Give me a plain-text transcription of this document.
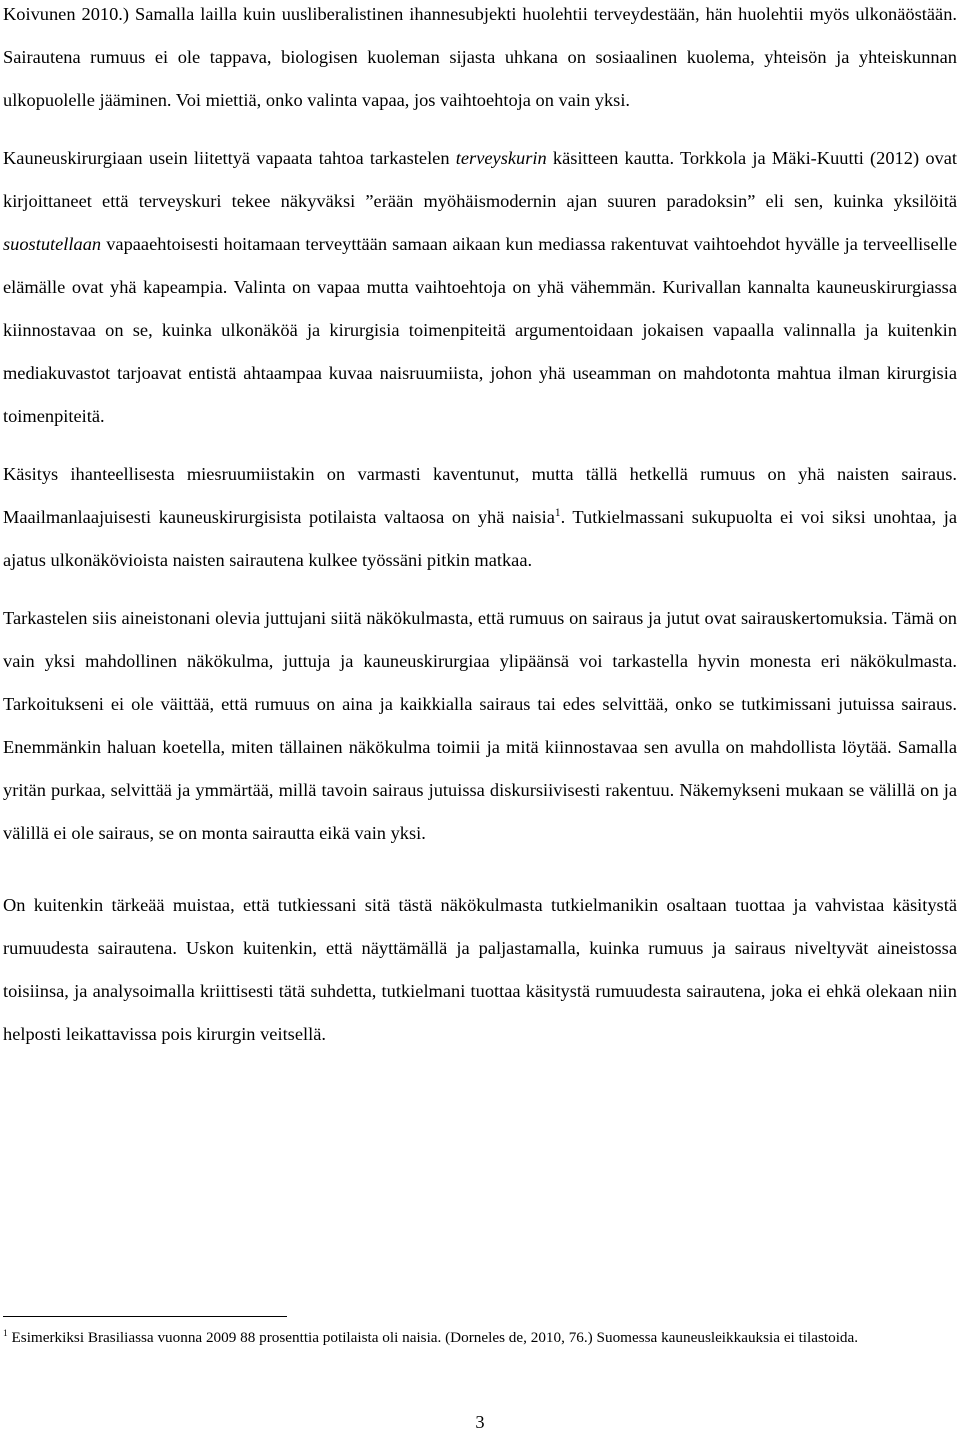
Koivunen 2010.) Samalla lailla kuin uusliberalistinen ihannesubjekti huolehtii terveydestään, hän huolehtii myös ulkonäöstään. Sairautena rumuus ei ole tappava, biologisen kuoleman sijasta uhkana on sosiaalinen kuolema, yhteisön ja yhteiskunnan ulkopuolelle jääminen. Voi miettiä, onko valinta vapaa, jos vaihtoehtoja on vain yksi.

Kauneuskirurgiaan usein liitettyä vapaata tahtoa tarkastelen terveyskurin käsitteen kautta. Torkkola ja Mäki-Kuutti (2012) ovat kirjoittaneet että terveyskuri tekee näkyväksi ”erään myöhäismodernin ajan suuren paradoksin” eli sen, kuinka yksilöitä suostutellaan vapaaehtoisesti hoitamaan terveyttään samaan aikaan kun mediassa rakentuvat vaihtoehdot hyvälle ja terveelliselle elämälle ovat yhä kapeampia. Valinta on vapaa mutta vaihtoehtoja on yhä vähemmän. Kurivallan kannalta kauneuskirurgiassa kiinnostavaa on se, kuinka ulkonäköä ja kirurgisia toimenpiteitä argumentoidaan jokaisen vapaalla valinnalla ja kuitenkin mediakuvastot tarjoavat entistä ahtaampaa kuvaa naisruumiista, johon yhä useamman on mahdotonta mahtua ilman kirurgisia toimenpiteitä.

Käsitys ihanteellisesta miesruumiistakin on varmasti kaventunut, mutta tällä hetkellä rumuus on yhä naisten sairaus. Maailmanlaajuisesti kauneuskirurgisista potilaista valtaosa on yhä naisia$^1$. Tutkielmassani sukupuolta ei voi siksi unohtaa, ja ajatus ulkonäkövioista naisten sairautena kulkee työssäni pitkin matkaa.

Tarkastelen siis aineistonani olevia juttujani siitä näkökulmasta, että rumuus on sairaus ja jutut ovat sairauskertomuksia. Tämä on vain yksi mahdollinen näkökulma, juttuja ja kauneuskirurgiaa ylipäänsä voi tarkastella hyvin monesta eri näkökulmasta. Tarkoitukseni ei ole väittää, että rumuus on aina ja kaikkialla sairaus tai edes selvittää, onko se tutkimissani jutuissa sairaus. Enemmänkin haluan koetella, miten tällainen näkökulma toimii ja mitä kiinnostavaa sen avulla on mahdollista löytää. Samalla yritän purkaa, selvittää ja ymmärtää, millä tavoin sairaus jutuissa diskursiivisesti rakentuu. Näkemykseni mukaan se välillä on ja välillä ei ole sairaus, se on monta sairautta eikä vain yksi.

On kuitenkin tärkeää muistaa, että tutkiessani sitä tästä näkökulmasta tutkielmanikin osaltaan tuottaa ja vahvistaa käsitystä rumuudesta sairautena. Uskon kuitenkin, että näyttämällä ja paljastamalla, kuinka rumuus ja sairaus niveltyvät aineistossa toisiinsa, ja analysoimalla kriittisesti tätä suhdetta, tutkielmani tuottaa käsitystä rumuudesta sairautena, joka ei ehkä olekaan niin helposti leikattavissa pois kirurgin veitsellä.

$^1$ Esimerkiksi Brasiliassa vuonna 2009 88 prosenttia potilaista oli naisia. (Dorneles de, 2010, 76.) Suomessa kauneusleikkauksia ei tilastoida.

3
